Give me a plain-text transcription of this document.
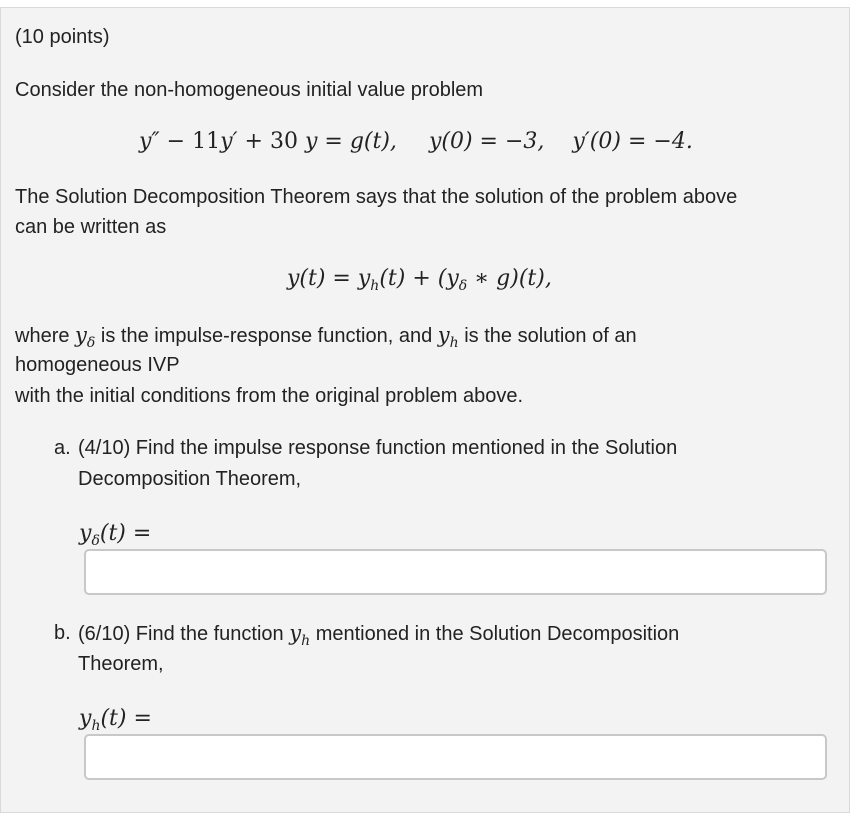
(10 points)
Consider the non-homogeneous initial value problem
y″ − 11y′ + 30 y = g(t), y(0) = −3, y′(0) = −4.
The Solution Decomposition Theorem says that the solution of the problem above
can be written as
$y(t) = y_h(t) + (y_\delta$ ∗ g)(t),
where $y_\delta$ is the impulse-response function, and $y_h$ is the solution of an
homogeneous IVP
with the initial conditions from the original problem above.
a. (4/10) Find the impulse response function mentioned in the Solution
Decomposition Theorem,
$y_\delta(t)$ =
b. (6/10) Find the function $y_h$ mentioned in the Solution Decomposition
Theorem,
$y_h(t)$ =
